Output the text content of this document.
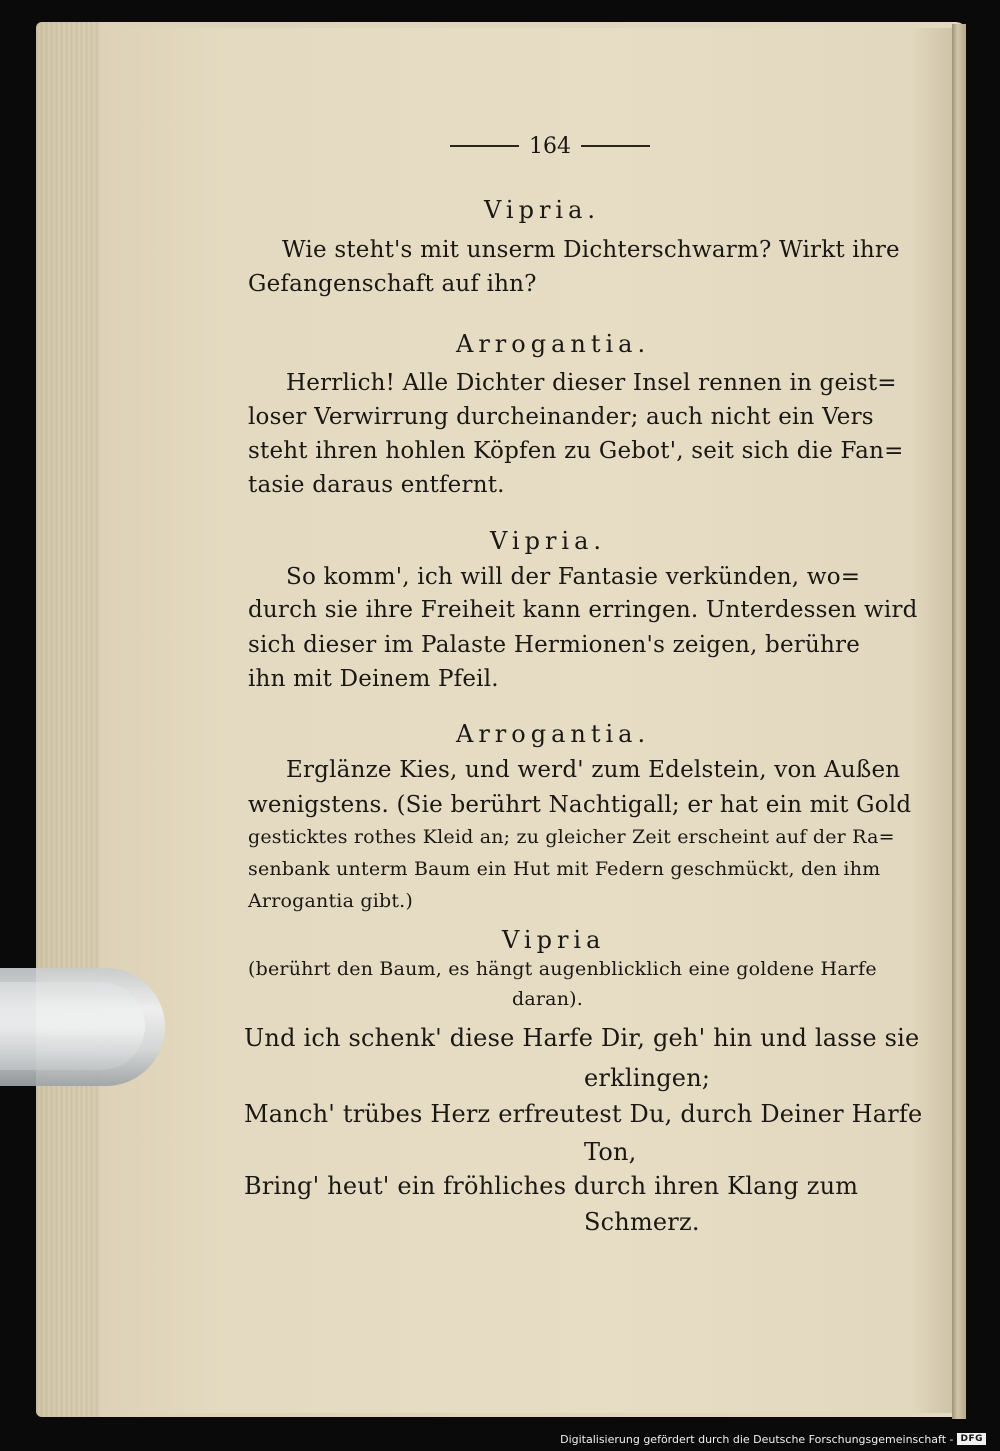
164
Vipria.
Wie steht's mit unserm Dichterschwarm? Wirkt ihre
Gefangenschaft auf ihn?
Arrogantia.
Herrlich! Alle Dichter dieser Insel rennen in geist=
loser Verwirrung durcheinander; auch nicht ein Vers
steht ihren hohlen Köpfen zu Gebot', seit sich die Fan=
tasie daraus entfernt.
Vipria.
So komm', ich will der Fantasie verkünden, wo=
durch sie ihre Freiheit kann erringen. Unterdessen wird
sich dieser im Palaste Hermionen's zeigen, berühre
ihn mit Deinem Pfeil.
Arrogantia.
Erglänze Kies, und werd' zum Edelstein, von Außen
wenigstens. (Sie berührt Nachtigall; er hat ein mit Gold
gesticktes rothes Kleid an; zu gleicher Zeit erscheint auf der Ra=
senbank unterm Baum ein Hut mit Federn geschmückt, den ihm
Arrogantia gibt.)
Vipria
(berührt den Baum, es hängt augenblicklich eine goldene Harfe
daran).
Und ich schenk' diese Harfe Dir, geh' hin und lasse sie
erklingen;
Manch' trübes Herz erfreutest Du, durch Deiner Harfe
Ton,
Bring' heut' ein fröhliches durch ihren Klang zum
Schmerz.
Digitalisierung gefördert durch die Deutsche Forschungsgemeinschaft - DFG
